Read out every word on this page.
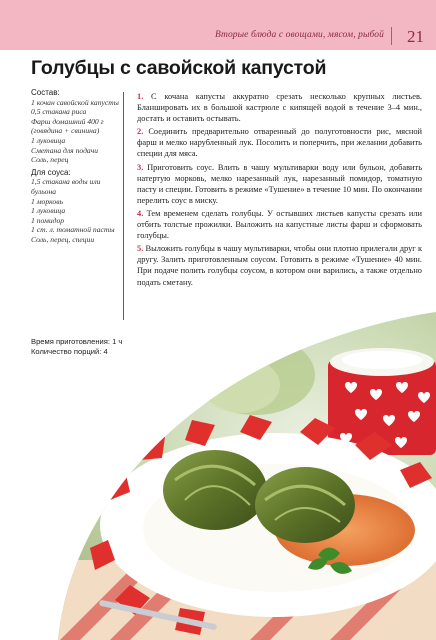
Вторые блюда с овощами, мясом, рыбой 21
Голубцы с савойской капустой
Состав:
1 кочан савойской капусты
0,5 стакана риса
Фарш домашний 400 г (говядина + свинина)
1 луковица
Сметана для подачи
Соль, перец
Для соуса:
1,5 стакана воды или бульона
1 морковь
1 луковица
1 помидор
1 ст. л. томатной пасты
Соль, перец, специи

1. С кочана капусты аккуратно срезать несколько крупных листьев. Бланшировать их в большой кастрюле с кипящей водой в течение 3–4 мин., достать и оставить остывать.

2. Соединить предварительно отваренный до полуготовности рис, мясной фарш и мелко нарубленный лук. Посолить и поперчить, при желании добавить специи для мяса.

3. Приготовить соус. Влить в чашу мультиварки воду или бульон, добавить натертую морковь, мелко нарезанный лук, нарезанный помидор, томатную пасту и специи. Готовить в режиме «Тушение» в течение 10 мин. По окончании перелить соус в миску.

4. Тем временем сделать голубцы. У остывших листьев капусты срезать или отбить толстые прожилки. Выложить на капустные листы фарш и сформовать голубцы.

5. Выложить голубцы в чашу мультиварки, чтобы они плотно прилегали друг к другу. Залить приготовленным соусом. Готовить в режиме «Тушение» 40 мин. При подаче полить голубцы соусом, в котором они варились, а также отдельно подать сметану.

Время приготовления: 1 ч
Количество порций: 4
